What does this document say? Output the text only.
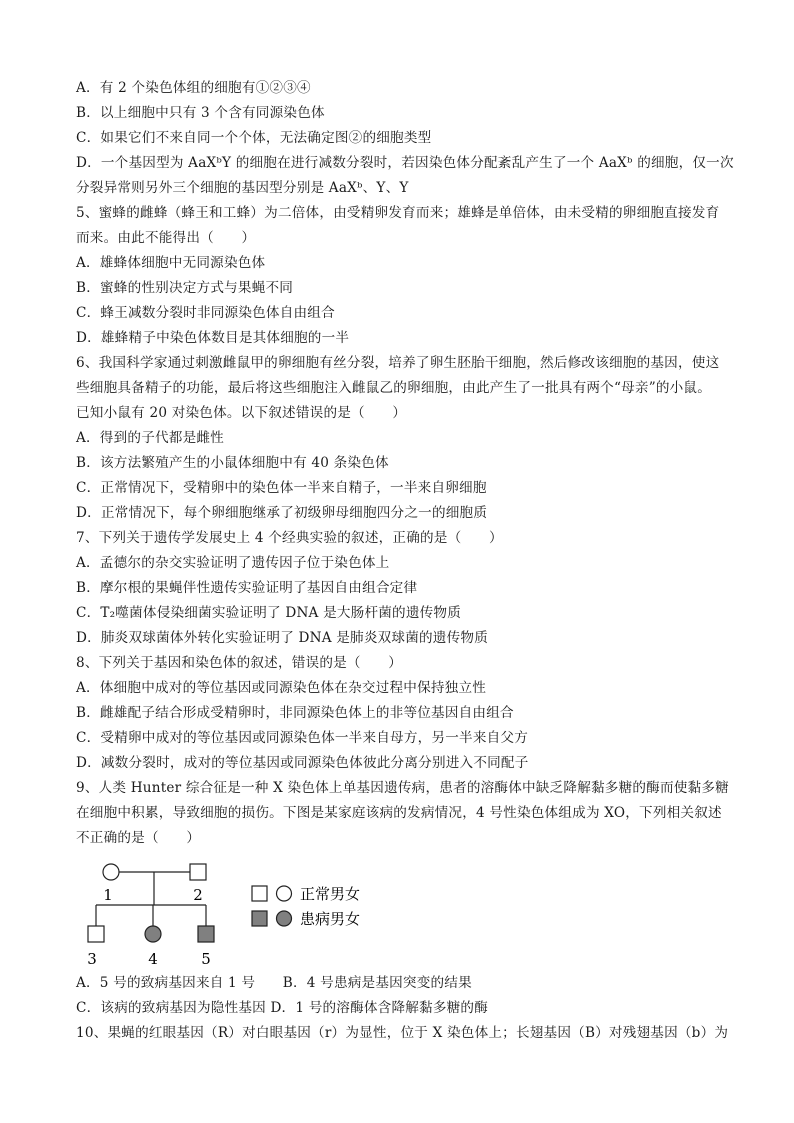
A．有 2 个染色体组的细胞有①②③④
B．以上细胞中只有 3 个含有同源染色体
C．如果它们不来自同一个个体，无法确定图②的细胞类型
D．一个基因型为 AaXᵇY 的细胞在进行减数分裂时，若因染色体分配紊乱产生了一个 AaXᵇ 的细胞，仅一次
分裂异常则另外三个细胞的基因型分别是 AaXᵇ、Y、Y
5、蜜蜂的雌蜂（蜂王和工蜂）为二倍体，由受精卵发育而来；雄蜂是单倍体，由未受精的卵细胞直接发育
而来。由此不能得出（　　）
A．雄蜂体细胞中无同源染色体
B．蜜蜂的性别决定方式与果蝇不同
C．蜂王减数分裂时非同源染色体自由组合
D．雄蜂精子中染色体数目是其体细胞的一半
6、我国科学家通过刺激雌鼠甲的卵细胞有丝分裂，培养了卵生胚胎干细胞，然后修改该细胞的基因，使这
些细胞具备精子的功能，最后将这些细胞注入雌鼠乙的卵细胞，由此产生了一批具有两个“母亲”的小鼠。
已知小鼠有 20 对染色体。以下叙述错误的是（　　）
A．得到的子代都是雌性
B．该方法繁殖产生的小鼠体细胞中有 40 条染色体
C．正常情况下，受精卵中的染色体一半来自精子，一半来自卵细胞
D．正常情况下，每个卵细胞继承了初级卵母细胞四分之一的细胞质
7、下列关于遗传学发展史上 4 个经典实验的叙述，正确的是（　　）
A．孟德尔的杂交实验证明了遗传因子位于染色体上
B．摩尔根的果蝇伴性遗传实验证明了基因自由组合定律
C．T₂噬菌体侵染细菌实验证明了 DNA 是大肠杆菌的遗传物质
D．肺炎双球菌体外转化实验证明了 DNA 是肺炎双球菌的遗传物质
8、下列关于基因和染色体的叙述，错误的是（　　）
A．体细胞中成对的等位基因或同源染色体在杂交过程中保持独立性
B．雌雄配子结合形成受精卵时，非同源染色体上的非等位基因自由组合
C．受精卵中成对的等位基因或同源染色体一半来自母方，另一半来自父方
D．减数分裂时，成对的等位基因或同源染色体彼此分离分别进入不同配子
9、人类 Hunter 综合征是一种 X 染色体上单基因遗传病，患者的溶酶体中缺乏降解黏多糖的酶而使黏多糖
在细胞中积累，导致细胞的损伤。下图是某家庭该病的发病情况，4 号性染色体组成为 XO，下列相关叙述
不正确的是（　　）
1	2
3	4	5
正常男女
患病男女
A．5 号的致病基因来自 1 号　　B．4 号患病是基因突变的结果
C．该病的致病基因为隐性基因 D．1 号的溶酶体含降解黏多糖的酶
10、果蝇的红眼基因（R）对白眼基因（r）为显性，位于 X 染色体上；长翅基因（B）对残翅基因（b）为
